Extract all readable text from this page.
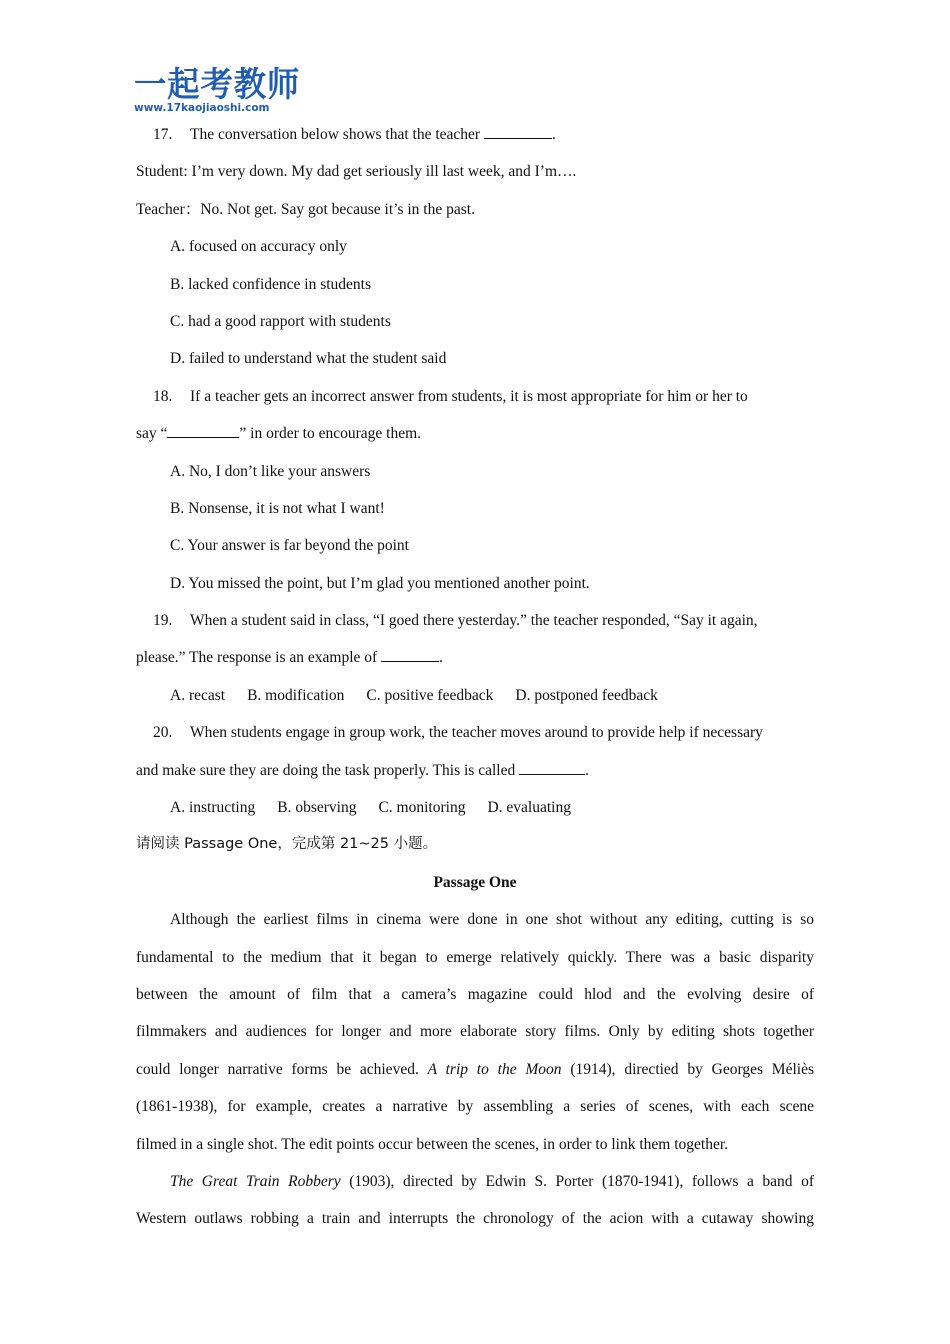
一起考教师
www.17kaojiaoshi.com
17. The conversation below shows that the teacher	.
Student: I’m very down. My dad get seriously ill last week, and I’m….
Teacher：No. Not get. Say got because it’s in the past.
A. focused on accuracy only
B. lacked confidence in students
C. had a good rapport with students
D. failed to understand what the student said
18. If a teacher gets an incorrect answer from students, it is most appropriate for him or her to
say “	” in order to encourage them.
A. No, I don’t like your answers
B. Nonsense, it is not what I want!
C. Your answer is far beyond the point
D. You missed the point, but I’m glad you mentioned another point.
19. When a student said in class, “I goed there yesterday.” the teacher responded, “Say it again,
please.” The response is an example of	.
A. recast B. modification C. positive feedback D. postponed feedback
20. When students engage in group work, the teacher moves around to provide help if necessary
and make sure they are doing the task properly. This is called	.
A. instructing B. observing C. monitoring D. evaluating
请阅读 Passage One，完成第 21~25 小题。
Passage One
Although the earliest films in cinema were done in one shot without any editing, cutting is so
fundamental to the medium that it began to emerge relatively quickly. There was a basic disparity
between the amount of film that a camera’s magazine could hlod and the evolving desire of
filmmakers and audiences for longer and more elaborate story films. Only by editing shots together
could longer narrative forms be achieved. A trip to the Moon (1914), directied by Georges Méliès
(1861-1938), for example, creates a narrative by assembling a series of scenes, with each scene
filmed in a single shot. The edit points occur between the scenes, in order to link them together.
The Great Train Robbery (1903), directed by Edwin S. Porter (1870-1941), follows a band of
Western outlaws robbing a train and interrupts the chronology of the acion with a cutaway showing
